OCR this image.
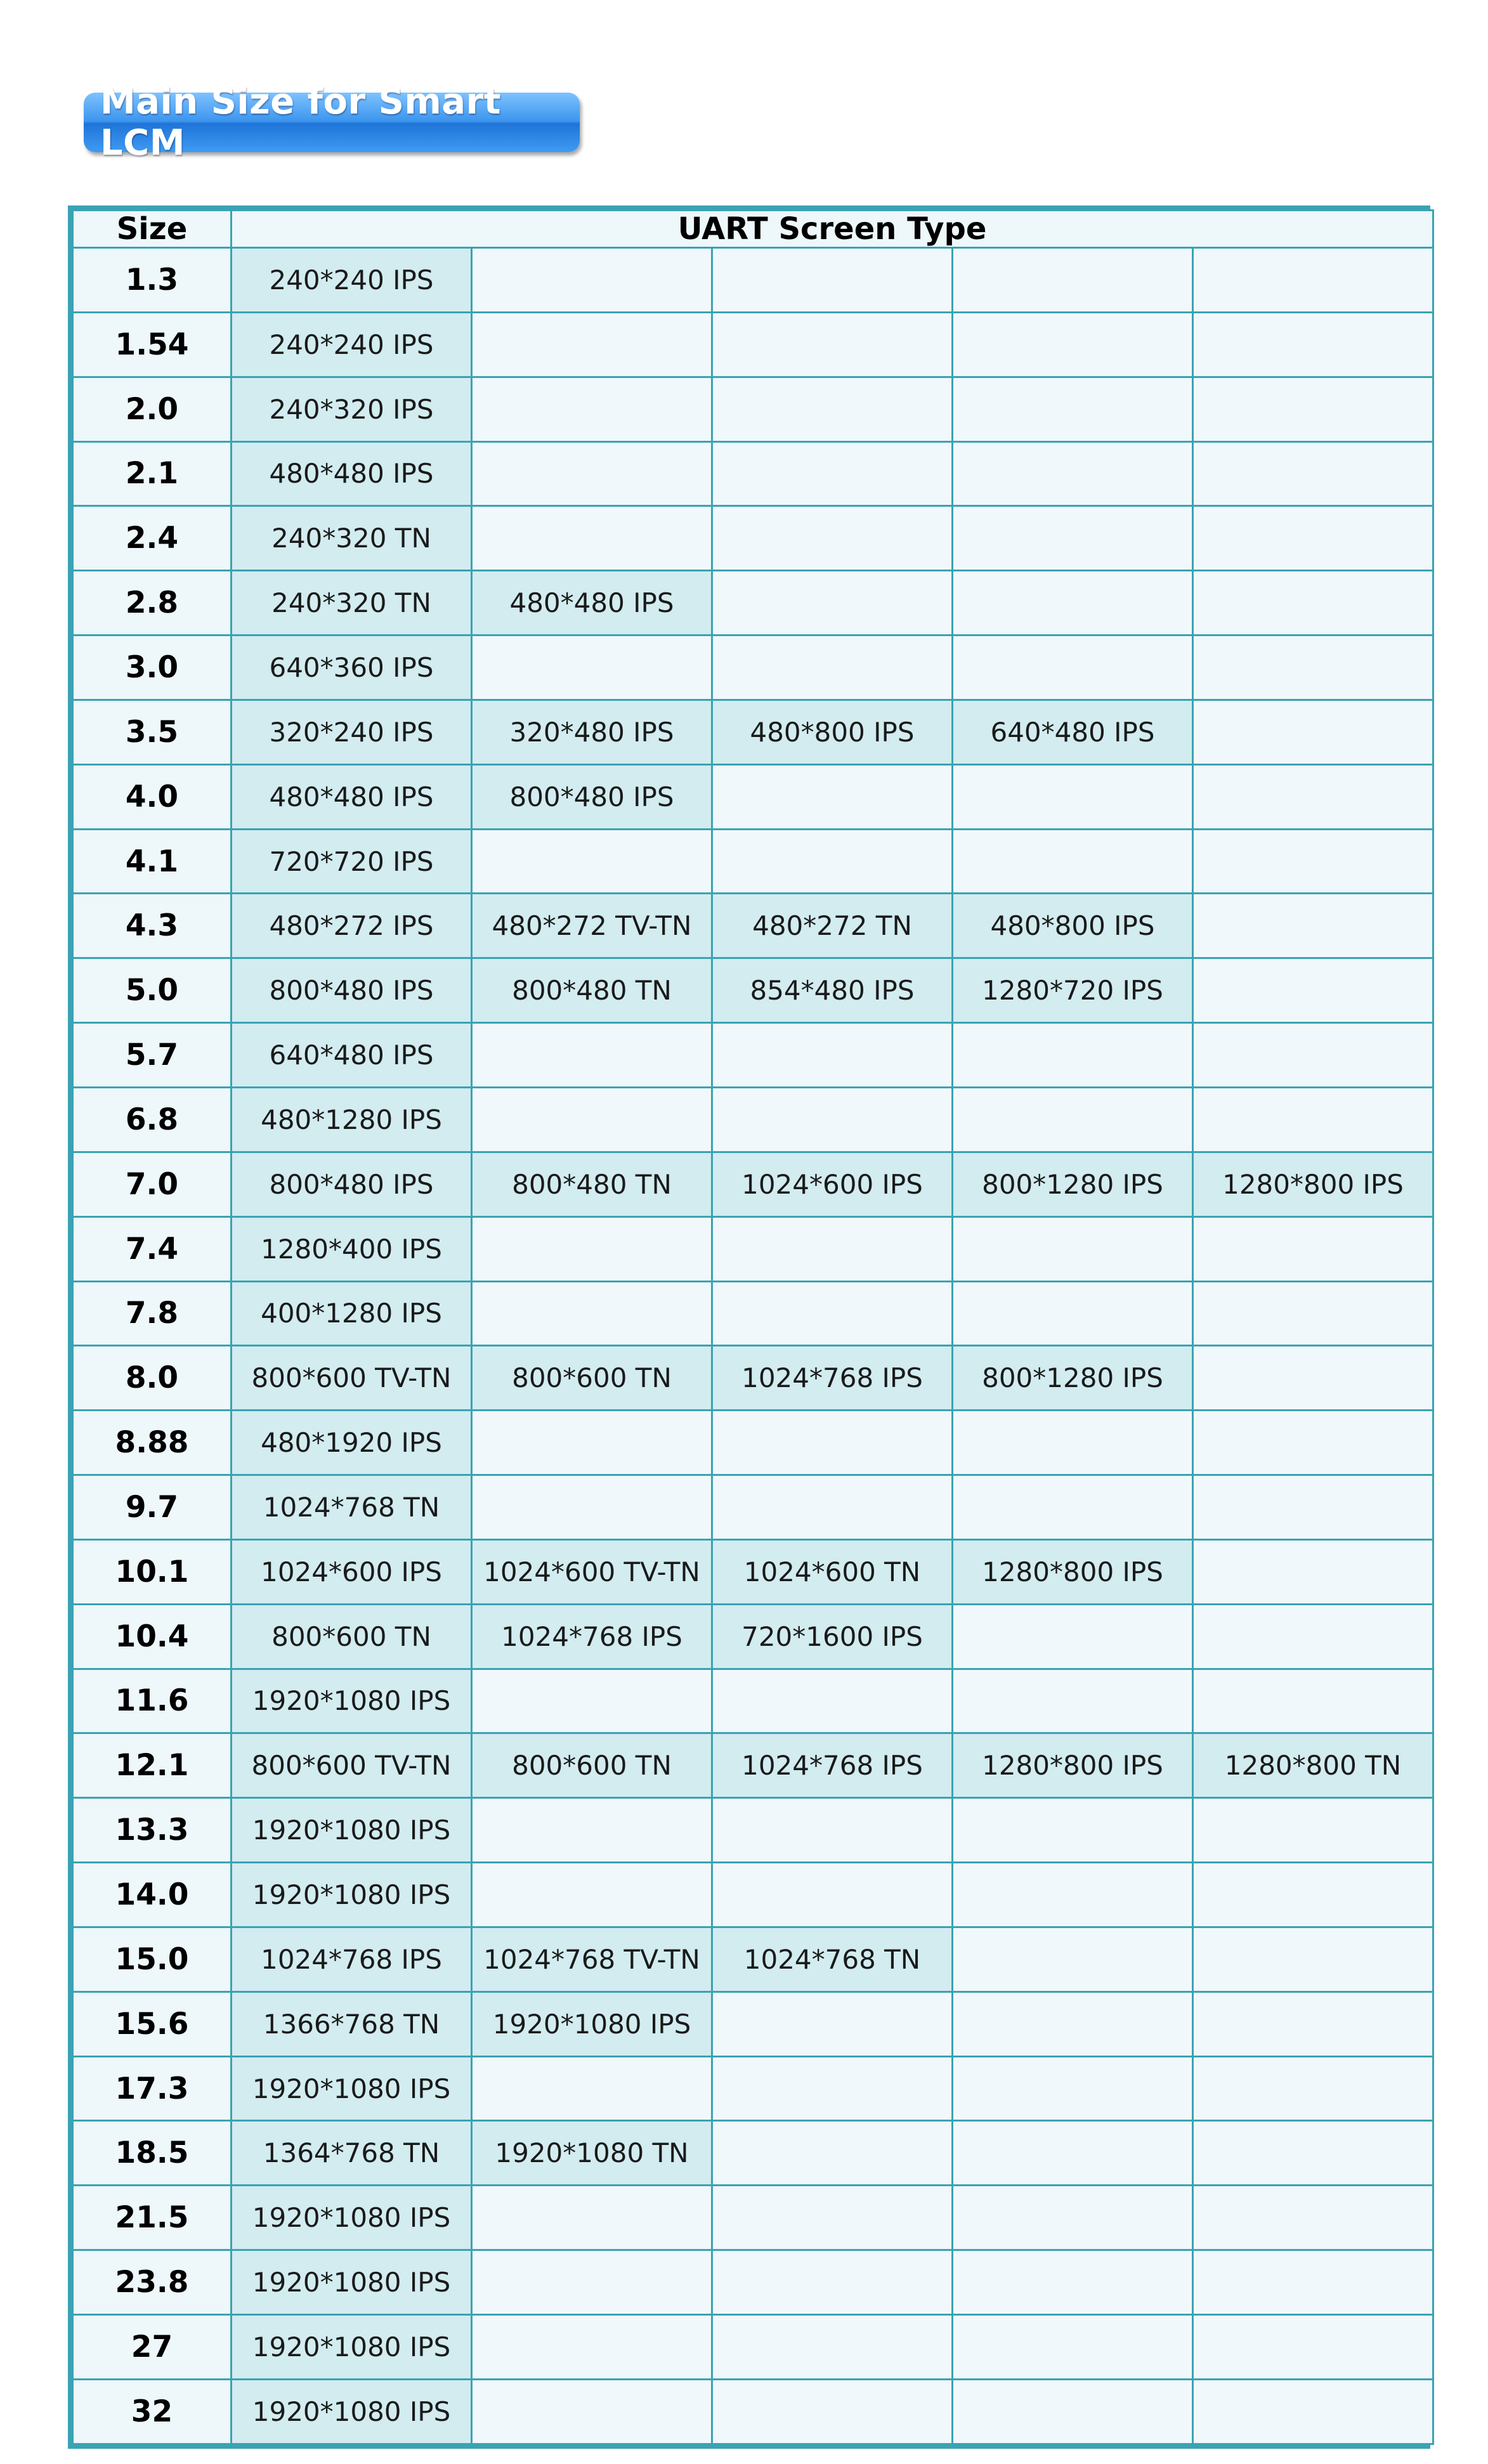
Main Size for Smart LCM
Size	UART Screen Type				
1.3	240*240 IPS				
1.54	240*240 IPS				
2.0	240*320 IPS				
2.1	480*480 IPS				
2.4	240*320 TN				
2.8	240*320 TN	480*480 IPS			
3.0	640*360 IPS				
3.5	320*240 IPS	320*480 IPS	480*800 IPS	640*480 IPS	
4.0	480*480 IPS	800*480 IPS			
4.1	720*720 IPS				
4.3	480*272 IPS	480*272 TV-TN	480*272 TN	480*800 IPS	
5.0	800*480 IPS	800*480 TN	854*480 IPS	1280*720 IPS	
5.7	640*480 IPS				
6.8	480*1280 IPS				
7.0	800*480 IPS	800*480 TN	1024*600 IPS	800*1280 IPS	1280*800 IPS
7.4	1280*400 IPS				
7.8	400*1280 IPS				
8.0	800*600 TV-TN	800*600 TN	1024*768 IPS	800*1280 IPS	
8.88	480*1920 IPS				
9.7	1024*768 TN				
10.1	1024*600 IPS	1024*600 TV-TN	1024*600 TN	1280*800 IPS	
10.4	800*600 TN	1024*768 IPS	720*1600 IPS		
11.6	1920*1080 IPS				
12.1	800*600 TV-TN	800*600 TN	1024*768 IPS	1280*800 IPS	1280*800 TN
13.3	1920*1080 IPS				
14.0	1920*1080 IPS				
15.0	1024*768 IPS	1024*768 TV-TN	1024*768 TN		
15.6	1366*768 TN	1920*1080 IPS			
17.3	1920*1080 IPS				
18.5	1364*768 TN	1920*1080 TN			
21.5	1920*1080 IPS				
23.8	1920*1080 IPS				
27	1920*1080 IPS				
32	1920*1080 IPS				
